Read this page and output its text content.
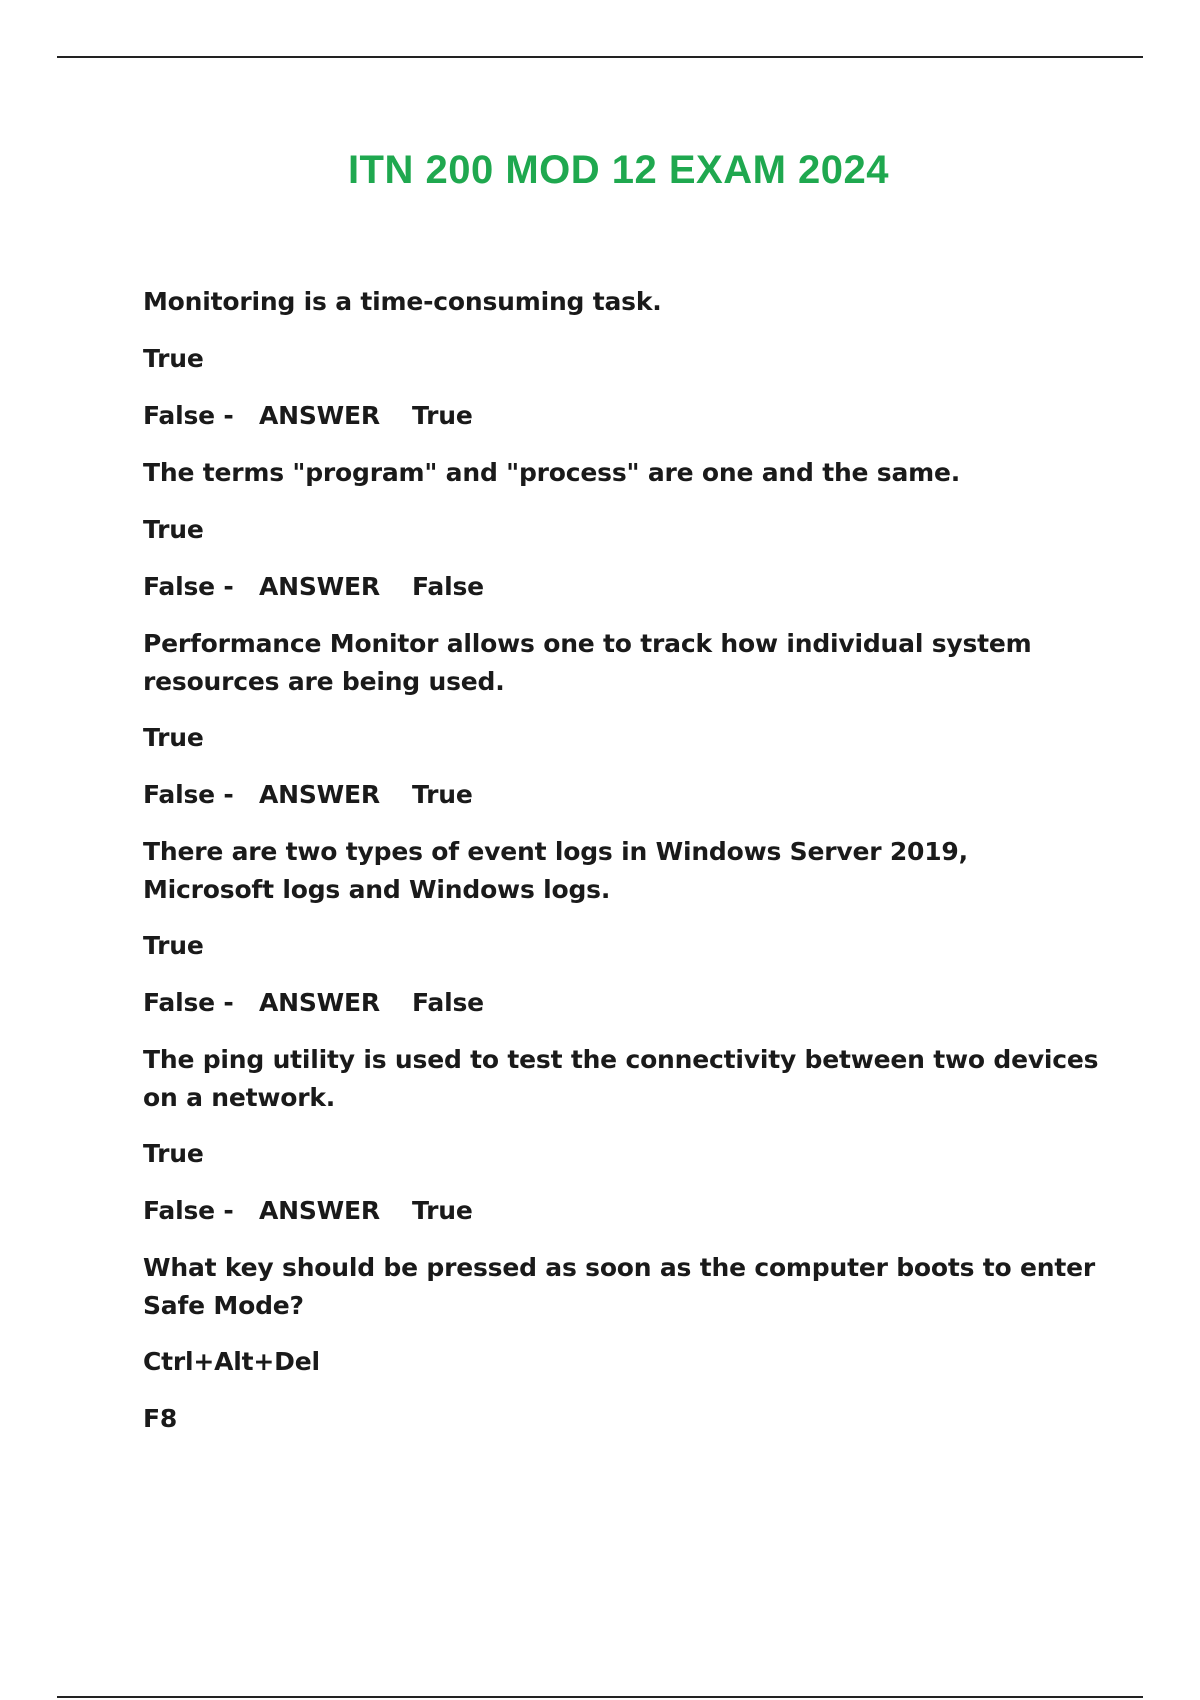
ITN 200 MOD 12 EXAM 2024

Monitoring is a time-consuming task.

True

False -	ANSWER	True

The terms "program" and "process" are one and the same.

True

False -	ANSWER	False

Performance Monitor allows one to track how individual system resources are being used.

True

False -	ANSWER	True

There are two types of event logs in Windows Server 2019, Microsoft logs and Windows logs.

True

False -	ANSWER	False

The ping utility is used to test the connectivity between two devices on a network.

True

False -	ANSWER	True

What key should be pressed as soon as the computer boots to enter Safe Mode?

Ctrl+Alt+Del

F8
